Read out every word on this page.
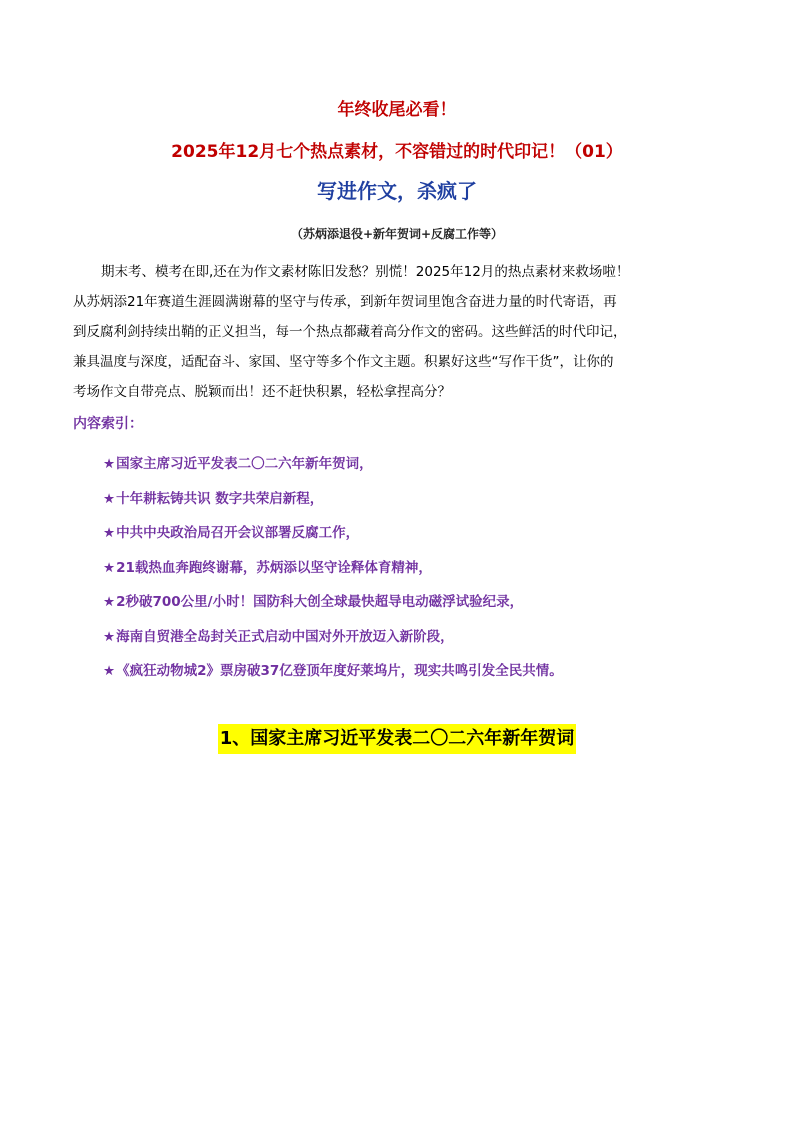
年终收尾必看！
2025年12月七个热点素材，不容错过的时代印记！（01）
写进作文，杀疯了
（苏炳添退役+新年贺词+反腐工作等）
期末考、模考在即,还在为作文素材陈旧发愁？别慌！2025年12月的热点素材来救场啦！
从苏炳添21年赛道生涯圆满谢幕的坚守与传承，到新年贺词里饱含奋进力量的时代寄语，再
到反腐利剑持续出鞘的正义担当，每一个热点都藏着高分作文的密码。这些鲜活的时代印记，
兼具温度与深度，适配奋斗、家国、坚守等多个作文主题。积累好这些“写作干货”，让你的
考场作文自带亮点、脱颖而出！还不赶快积累，轻松拿捏高分？
内容索引：
★国家主席习近平发表二〇二六年新年贺词，
★十年耕耘铸共识 数字共荣启新程，
★中共中央政治局召开会议部署反腐工作，
★21载热血奔跑终谢幕，苏炳添以坚守诠释体育精神，
★2秒破700公里/小时！国防科大创全球最快超导电动磁浮试验纪录，
★海南自贸港全岛封关正式启动中国对外开放迈入新阶段，
★《疯狂动物城2》票房破37亿登顶年度好莱坞片，现实共鸣引发全民共情。
1、国家主席习近平发表二〇二六年新年贺词
